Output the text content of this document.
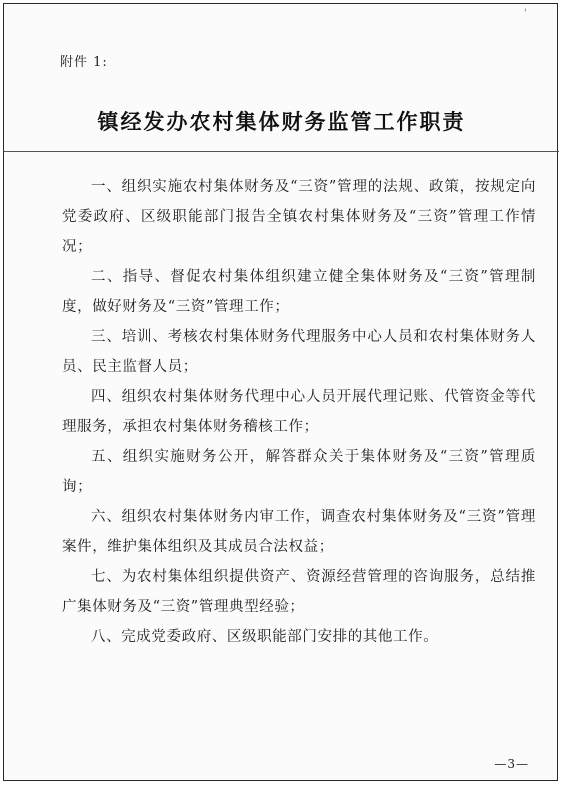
'
附件 1:
镇经发办农村集体财务监管工作职责

一、组织实施农村集体财务及“三资”管理的法规、政策，按规定向党委政府、区级职能部门报告全镇农村集体财务及“三资”管理工作情况；

二、指导、督促农村集体组织建立健全集体财务及“三资”管理制度，做好财务及“三资”管理工作；

三、培训、考核农村集体财务代理服务中心人员和农村集体财务人员、民主监督人员；

四、组织农村集体财务代理中心人员开展代理记账、代管资金等代理服务，承担农村集体财务稽核工作；

五、组织实施财务公开，解答群众关于集体财务及“三资”管理质询；

六、组织农村集体财务内审工作，调查农村集体财务及“三资”管理案件，维护集体组织及其成员合法权益；

七、为农村集体组织提供资产、资源经营管理的咨询服务，总结推广集体财务及“三资”管理典型经验；

八、完成党委政府、区级职能部门安排的其他工作。

—3—
